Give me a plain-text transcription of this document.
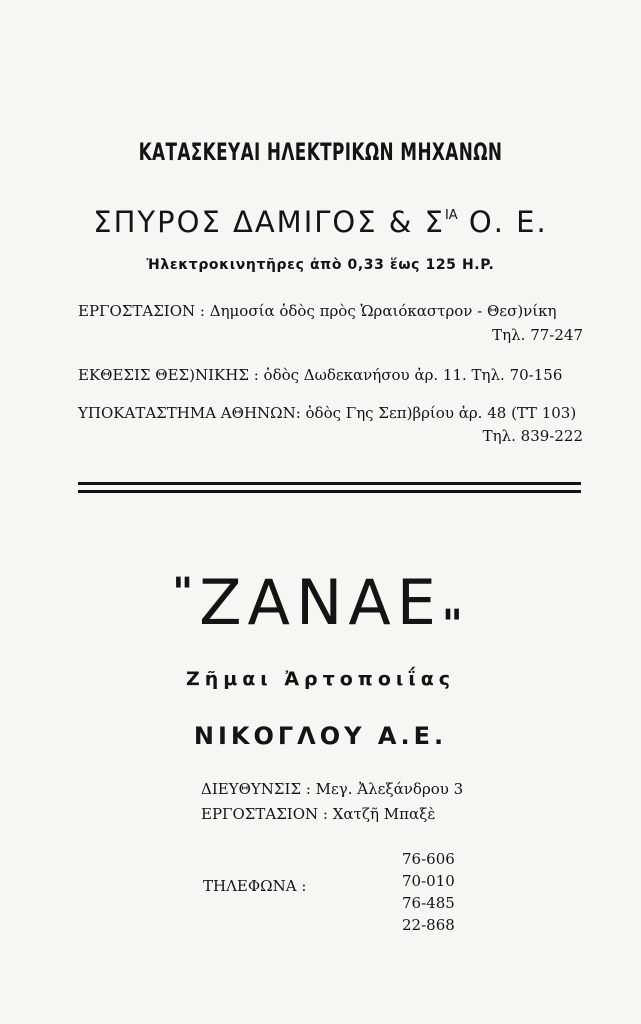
ΚΑΤΑΣΚΕΥΑΙ ΗΛΕΚΤΡΙΚΩΝ ΜΗΧΑΝΩΝ
ΣΠΥΡΟΣ ΔΑΜΙΓΟΣ & $\Sigma^{IA}$ Ο. Ε.
Ἠλεκτροκινητῆρες ἀπὸ 0,33 ἕως 125 H.P.
ΕΡΓΟΣΤΑΣΙΟΝ : Δημοσία ὁδὸς πρὸς Ὡραιόκαστρον - Θεσ)νίκη
Τηλ. 77-247
ΕΚΘΕΣΙΣ ΘΕΣ)ΝΙΚΗΣ : ὁδὸς Δωδεκανήσου ἀρ. 11. Τηλ. 70-156
ΥΠΟΚΑΤΑΣΤΗΜΑ ΑΘΗΝΩΝ: ὁδὸς Γης Σεπ)βρίου ἀρ. 48 (ΤΤ 103)
Τηλ. 839-222
$^"ZANAE_"$
Ζῆμαι Ἀρτοποιΐας
ΝΙΚΟΓΛΟΥ Α.Ε.
ΔΙΕΥΘΥΝΣΙΣ : Μεγ. Ἀλεξάνδρου 3
ΕΡΓΟΣΤΑΣΙΟΝ : Χατζῆ Μπαξὲ
ΤΗΛΕΦΩΝΑ :
76-606
70-010
76-485
22-868
